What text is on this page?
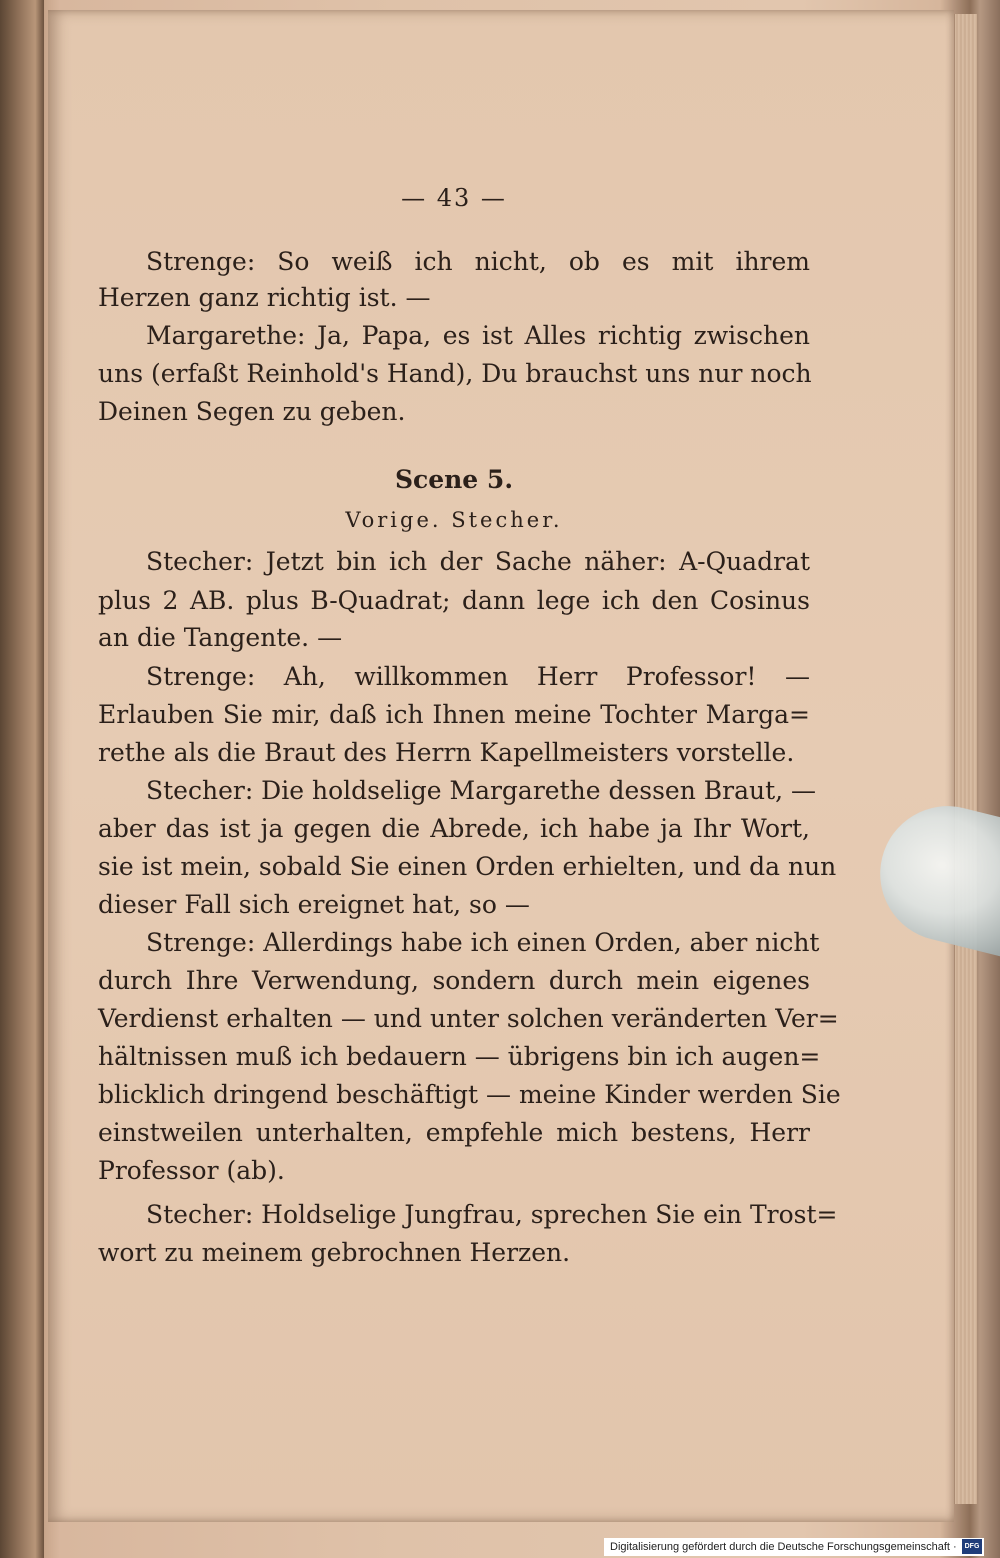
— 43 —
Strenge: So weiß ich nicht, ob es mit ihrem
Herzen ganz richtig ist. —
Margarethe: Ja, Papa, es ist Alles richtig zwischen
uns (erfaßt Reinhold's Hand), Du brauchst uns nur noch
Deinen Segen zu geben.
Scene 5.
Vorige. Stecher.
Stecher: Jetzt bin ich der Sache näher: A-Quadrat
plus 2 AB. plus B-Quadrat; dann lege ich den Cosinus
an die Tangente. —
Strenge: Ah, willkommen Herr Professor! —
Erlauben Sie mir, daß ich Ihnen meine Tochter Marga=
rethe als die Braut des Herrn Kapellmeisters vorstelle.
Stecher: Die holdselige Margarethe dessen Braut, —
aber das ist ja gegen die Abrede, ich habe ja Ihr Wort,
sie ist mein, sobald Sie einen Orden erhielten, und da nun
dieser Fall sich ereignet hat, so —
Strenge: Allerdings habe ich einen Orden, aber nicht
durch Ihre Verwendung, sondern durch mein eigenes
Verdienst erhalten — und unter solchen veränderten Ver=
hältnissen muß ich bedauern — übrigens bin ich augen=
blicklich dringend beschäftigt — meine Kinder werden Sie
einstweilen unterhalten, empfehle mich bestens, Herr
Professor (ab).
Stecher: Holdselige Jungfrau, sprechen Sie ein Trost=
wort zu meinem gebrochnen Herzen.
Digitalisierung gefördert durch die Deutsche Forschungsgemeinschaft ·	DFG
